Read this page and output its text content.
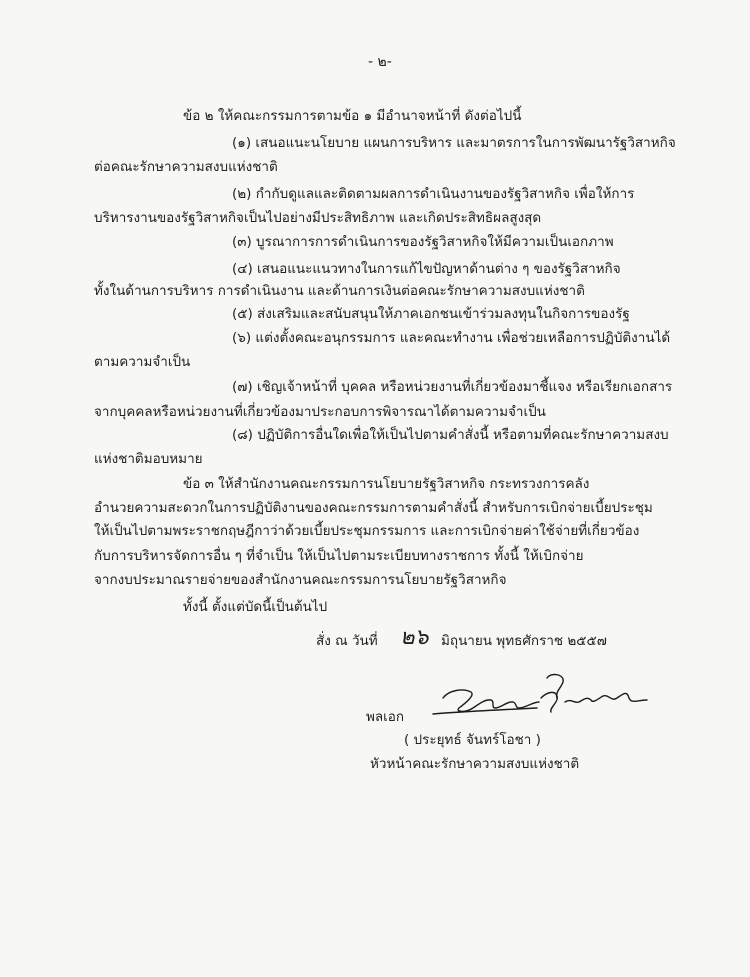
- ๒-
ข้อ ๒ ให้คณะกรรมการตามข้อ ๑ มีอำนาจหน้าที่ ดังต่อไปนี้
(๑) เสนอแนะนโยบาย แผนการบริหาร และมาตรการในการพัฒนารัฐวิสาหกิจ
ต่อคณะรักษาความสงบแห่งชาติ
(๒) กำกับดูแลและติดตามผลการดำเนินงานของรัฐวิสาหกิจ เพื่อให้การ
บริหารงานของรัฐวิสาหกิจเป็นไปอย่างมีประสิทธิภาพ และเกิดประสิทธิผลสูงสุด
(๓) บูรณาการการดำเนินการของรัฐวิสาหกิจให้มีความเป็นเอกภาพ
(๔) เสนอแนะแนวทางในการแก้ไขปัญหาด้านต่าง ๆ ของรัฐวิสาหกิจ
ทั้งในด้านการบริหาร การดำเนินงาน และด้านการเงินต่อคณะรักษาความสงบแห่งชาติ
(๕) ส่งเสริมและสนับสนุนให้ภาคเอกชนเข้าร่วมลงทุนในกิจการของรัฐ
(๖) แต่งตั้งคณะอนุกรรมการ และคณะทำงาน เพื่อช่วยเหลือการปฏิบัติงานได้
ตามความจำเป็น
(๗) เชิญเจ้าหน้าที่ บุคคล หรือหน่วยงานที่เกี่ยวข้องมาชี้แจง หรือเรียกเอกสาร
จากบุคคลหรือหน่วยงานที่เกี่ยวข้องมาประกอบการพิจารณาได้ตามความจำเป็น
(๘) ปฏิบัติการอื่นใดเพื่อให้เป็นไปตามคำสั่งนี้ หรือตามที่คณะรักษาความสงบ
แห่งชาติมอบหมาย
ข้อ ๓ ให้สำนักงานคณะกรรมการนโยบายรัฐวิสาหกิจ กระทรวงการคลัง
อำนวยความสะดวกในการปฏิบัติงานของคณะกรรมการตามคำสั่งนี้ สำหรับการเบิกจ่ายเบี้ยประชุม
ให้เป็นไปตามพระราชกฤษฎีกาว่าด้วยเบี้ยประชุมกรรมการ และการเบิกจ่ายค่าใช้จ่ายที่เกี่ยวข้อง
กับการบริหารจัดการอื่น ๆ ที่จำเป็น ให้เป็นไปตามระเบียบทางราชการ ทั้งนี้ ให้เบิกจ่าย
จากงบประมาณรายจ่ายของสำนักงานคณะกรรมการนโยบายรัฐวิสาหกิจ
ทั้งนี้ ตั้งแต่บัดนี้เป็นต้นไป
สั่ง ณ วันที่ ๒๖ มิถุนายน พุทธศักราช ๒๕๕๗
พลเอก
( ประยุทธ์ จันทร์โอชา )
หัวหน้าคณะรักษาความสงบแห่งชาติ
